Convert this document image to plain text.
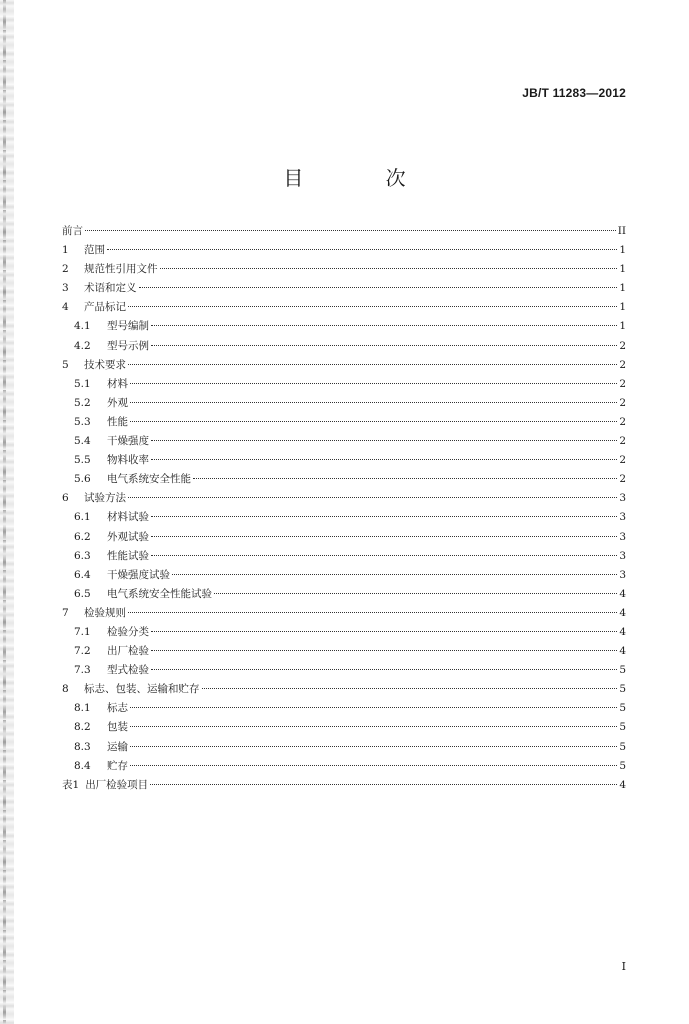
JB/T 11283—2012
目 次
前言	II
1	范围	1
2	规范性引用文件	1
3	术语和定义	1
4	产品标记	1
4.1	型号编制	1
4.2	型号示例	2
5	技术要求	2
5.1	材料	2
5.2	外观	2
5.3	性能	2
5.4	干燥强度	2
5.5	物料收率	2
5.6	电气系统安全性能	2
6	试验方法	3
6.1	材料试验	3
6.2	外观试验	3
6.3	性能试验	3
6.4	干燥强度试验	3
6.5	电气系统安全性能试验	4
7	检验规则	4
7.1	检验分类	4
7.2	出厂检验	4
7.3	型式检验	5
8	标志、包装、运输和贮存	5
8.1	标志	5
8.2	包装	5
8.3	运输	5
8.4	贮存	5
表1 出厂检验项目	4
I
